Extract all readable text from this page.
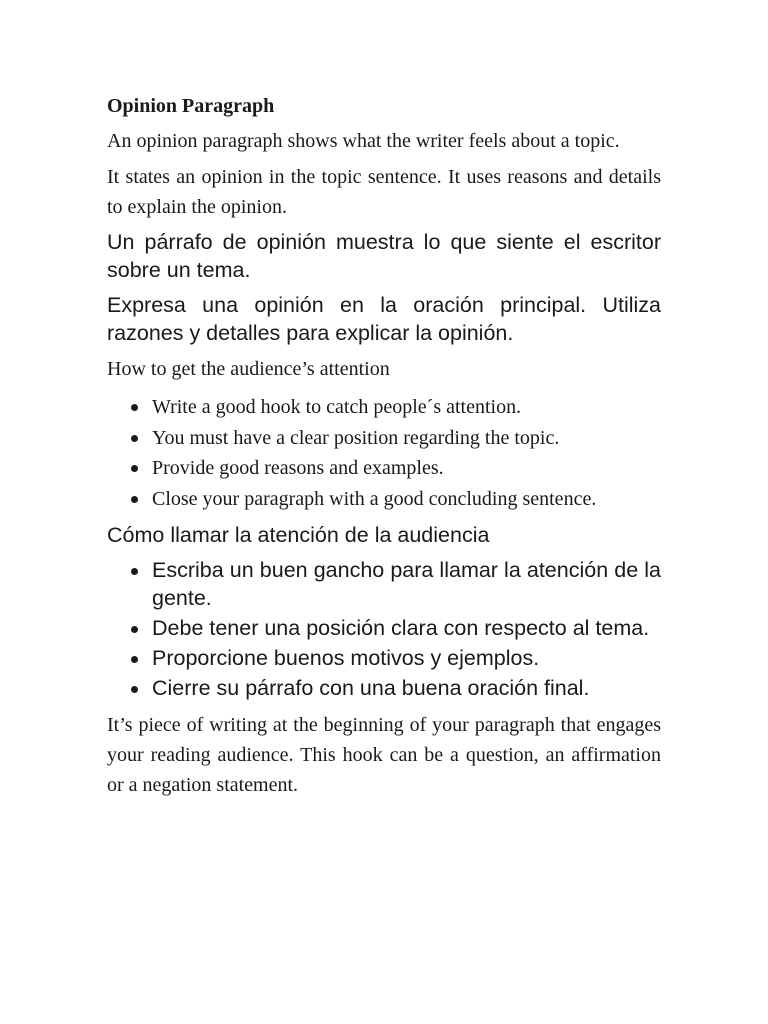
Opinion Paragraph

An opinion paragraph shows what the writer feels about a topic.

It states an opinion in the topic sentence. It uses reasons and details to explain the opinion.

Un párrafo de opinión muestra lo que siente el escritor sobre un tema.

Expresa una opinión en la oración principal. Utiliza razones y detalles para explicar la opinión.

How to get the audience’s attention
Write a good hook to catch people´s attention.
You must have a clear position regarding the topic.
Provide good reasons and examples.
Close your paragraph with a good concluding sentence.
Cómo llamar la atención de la audiencia
Escriba un buen gancho para llamar la atención de la gente.
Debe tener una posición clara con respecto al tema.
Proporcione buenos motivos y ejemplos.
Cierre su párrafo con una buena oración final.

It’s piece of writing at the beginning of your paragraph that engages your reading audience. This hook can be a question, an affirmation or a negation statement.
